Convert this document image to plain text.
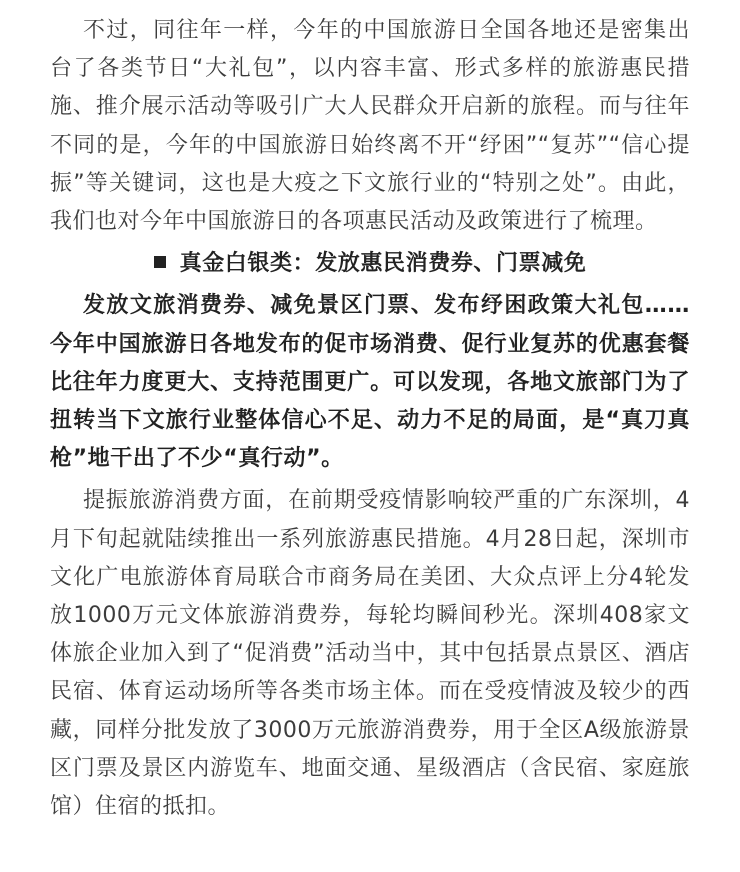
不过，同往年一样，今年的中国旅游日全国各地还是密集出台了各类节日“大礼包”，以内容丰富、形式多样的旅游惠民措施、推介展示活动等吸引广大人民群众开启新的旅程。而与往年不同的是，今年的中国旅游日始终离不开“纾困”“复苏”“信心提振”等关键词，这也是大疫之下文旅行业的“特别之处”。由此，我们也对今年中国旅游日的各项惠民活动及政策进行了梳理。

真金白银类：发放惠民消费券、门票减免

发放文旅消费券、减免景区门票、发布纾困政策大礼包……今年中国旅游日各地发布的促市场消费、促行业复苏的优惠套餐比往年力度更大、支持范围更广。可以发现，各地文旅部门为了扭转当下文旅行业整体信心不足、动力不足的局面，是“真刀真枪”地干出了不少“真行动”。

提振旅游消费方面，在前期受疫情影响较严重的广东深圳，4月下旬起就陆续推出一系列旅游惠民措施。4月28日起，深圳市文化广电旅游体育局联合市商务局在美团、大众点评上分4轮发放1000万元文体旅游消费券，每轮均瞬间秒光。深圳408家文体旅企业加入到了“促消费”活动当中，其中包括景点景区、酒店民宿、体育运动场所等各类市场主体。而在受疫情波及较少的西藏，同样分批发放了3000万元旅游消费券，用于全区A级旅游景区门票及景区内游览车、地面交通、星级酒店（含民宿、家庭旅馆）住宿的抵扣。
